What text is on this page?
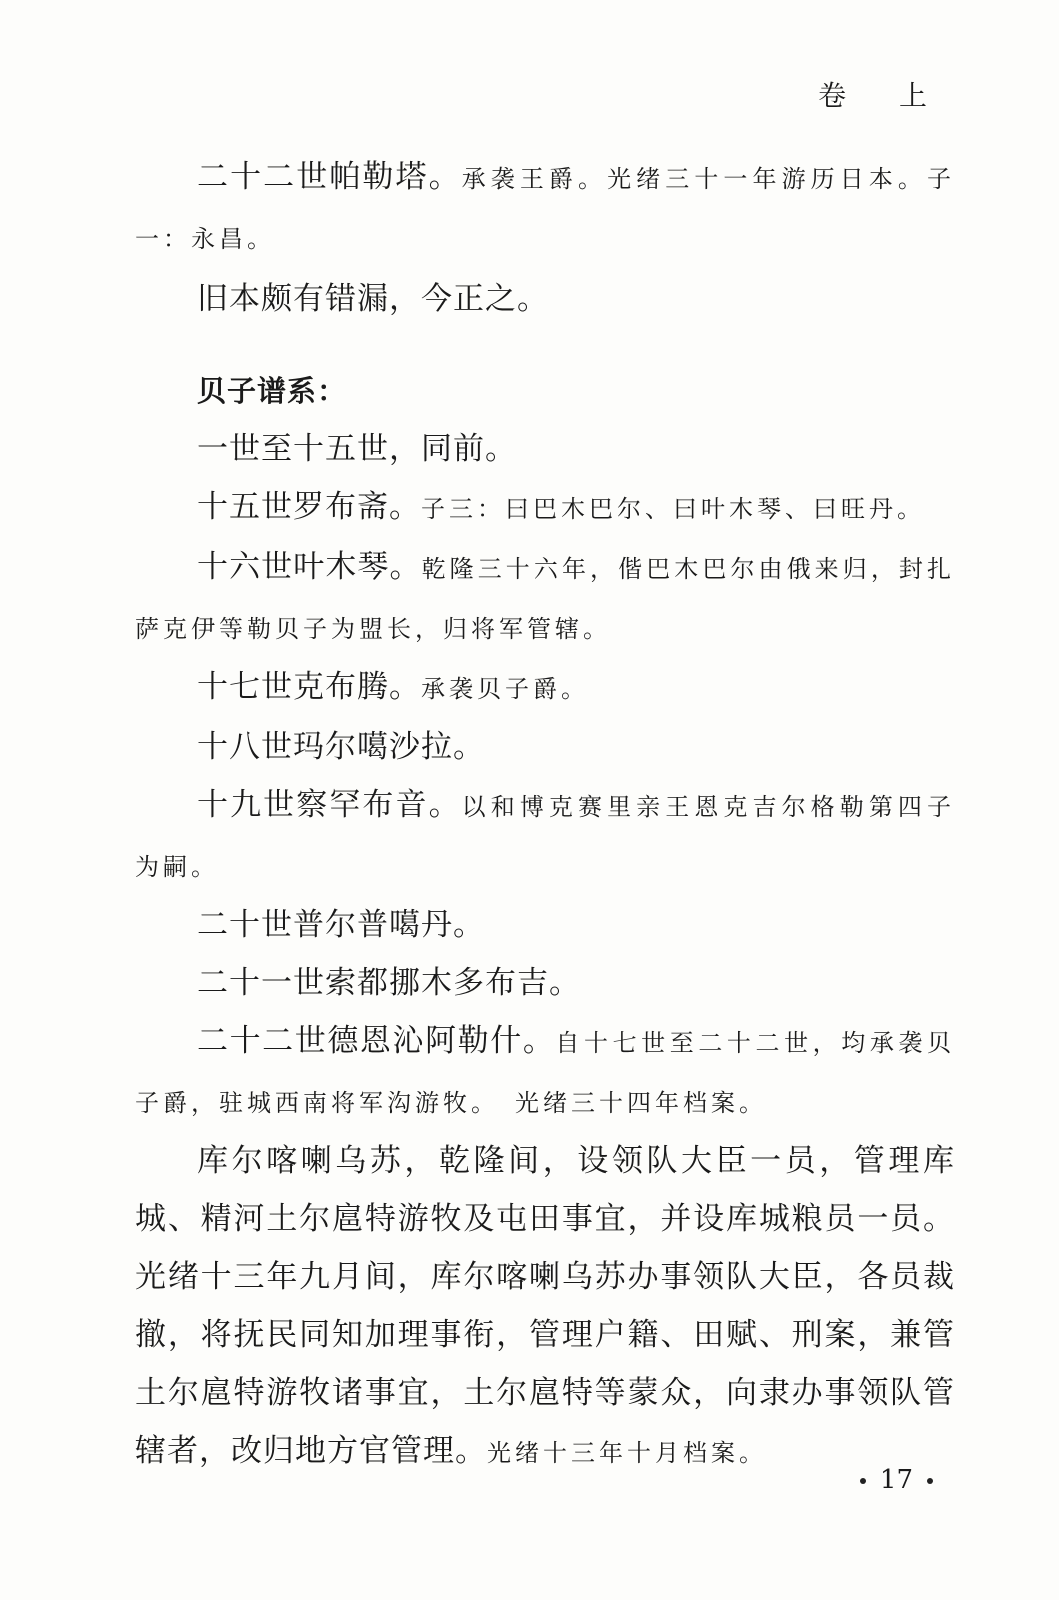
卷 上

二十二世帕勒塔。承袭王爵。光绪三十一年游历日本。子一：永昌。

旧本颇有错漏，今正之。

贝子谱系：

一世至十五世，同前。

十五世罗布斋。子三：曰巴木巴尔、曰叶木琴、曰旺丹。

十六世叶木琴。乾隆三十六年，偕巴木巴尔由俄来归，封扎萨克伊等勒贝子为盟长，归将军管辖。

十七世克布腾。承袭贝子爵。

十八世玛尔噶沙拉。

十九世察罕布音。以和博克赛里亲王恩克吉尔格勒第四子为嗣。

二十世普尔普噶丹。

二十一世索都挪木多布吉。

二十二世德恩沁阿勒什。自十七世至二十二世，均承袭贝子爵，驻城西南将军沟游牧。　光绪三十四年档案。

库尔喀喇乌苏，乾隆间，设领队大臣一员，管理库城、精河土尔扈特游牧及屯田事宜，并设库城粮员一员。光绪十三年九月间，库尔喀喇乌苏办事领队大臣，各员裁撤，将抚民同知加理事衔，管理户籍、田赋、刑案，兼管土尔扈特游牧诸事宜，土尔扈特等蒙众，向隶办事领队管辖者，改归地方官管理。光绪十三年十月档案。

17
